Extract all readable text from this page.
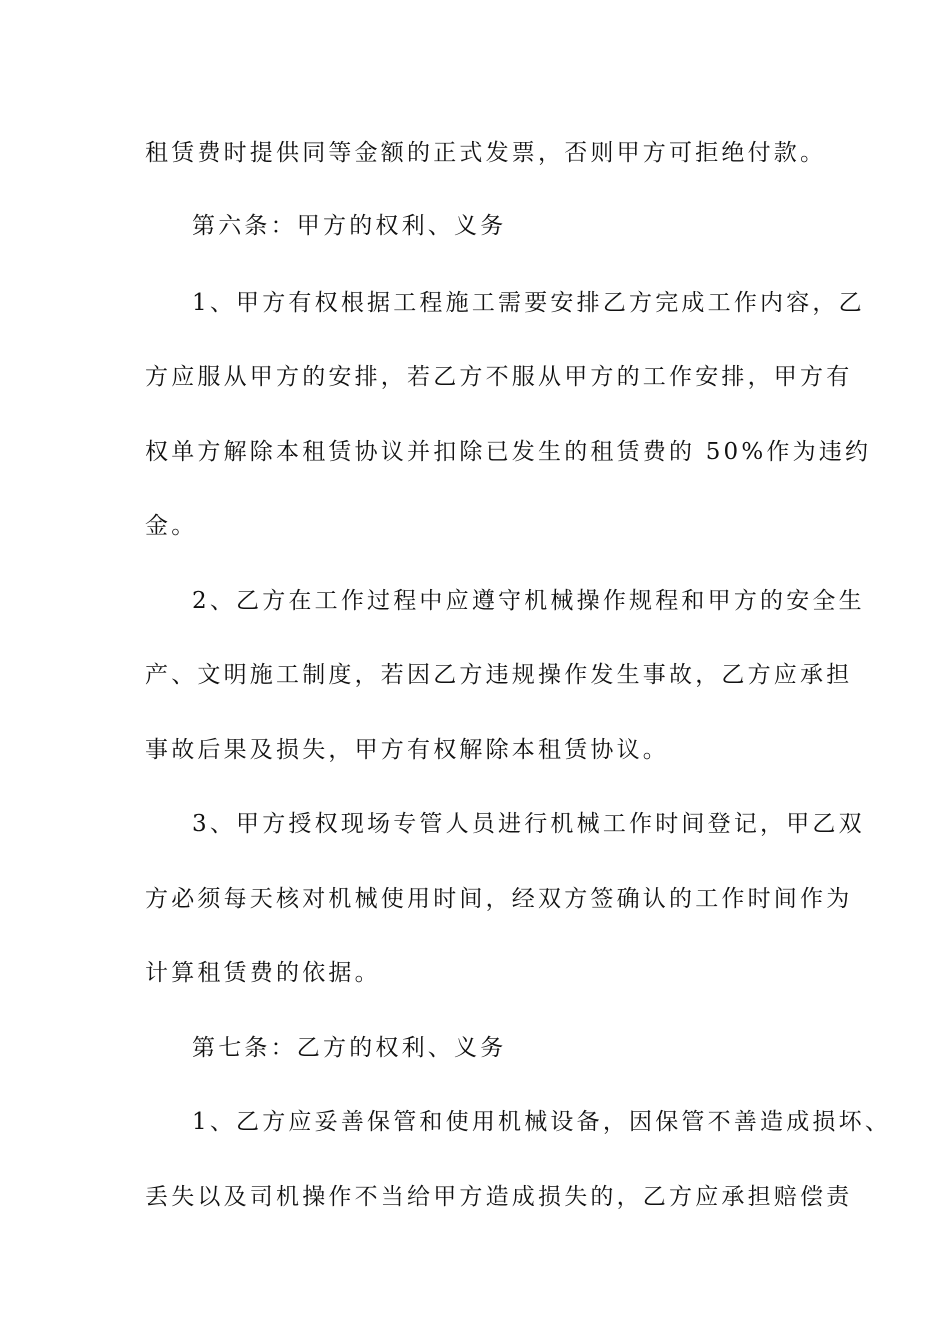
租赁费时提供同等金额的正式发票，否则甲方可拒绝付款。
第六条：甲方的权利、义务
1、甲方有权根据工程施工需要安排乙方完成工作内容，乙
方应服从甲方的安排，若乙方不服从甲方的工作安排，甲方有
权单方解除本租赁协议并扣除已发生的租赁费的 50%作为违约
金。
2、乙方在工作过程中应遵守机械操作规程和甲方的安全生
产、文明施工制度，若因乙方违规操作发生事故，乙方应承担
事故后果及损失，甲方有权解除本租赁协议。
3、甲方授权现场专管人员进行机械工作时间登记，甲乙双
方必须每天核对机械使用时间，经双方签确认的工作时间作为
计算租赁费的依据。
第七条：乙方的权利、义务
1、乙方应妥善保管和使用机械设备，因保管不善造成损坏、
丢失以及司机操作不当给甲方造成损失的，乙方应承担赔偿责
